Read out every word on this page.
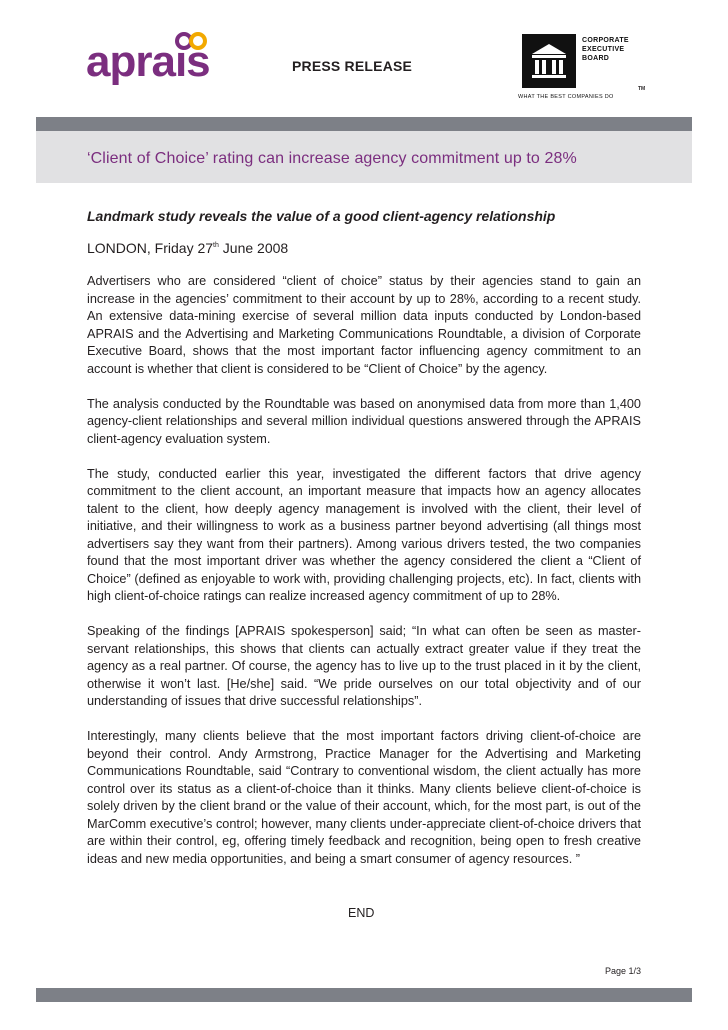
apraıs	PRESS RELEASE
CORPORATE
EXECUTIVE
BOARD
TM
WHAT THE BEST COMPANIES DO
‘Client of Choice’ rating can increase agency commitment up to 28%
Landmark study reveals the value of a good client-agency relationship
LONDON, Friday 27th June 2008

Advertisers who are considered “client of choice” status by their agencies stand to gain an increase in the agencies’ commitment to their account by up to 28%, according to a recent study. An extensive data-mining exercise of several million data inputs conducted by London-based APRAIS and the Advertising and Marketing Communications Roundtable, a division of Corporate Executive Board, shows that the most important factor influencing agency commitment to an account is whether that client is considered to be “Client of Choice” by the agency.

The analysis conducted by the Roundtable was based on anonymised data from more than 1,400 agency-client relationships and several million individual questions answered through the APRAIS client-agency evaluation system.

The study, conducted earlier this year, investigated the different factors that drive agency commitment to the client account, an important measure that impacts how an agency allocates talent to the client, how deeply agency management is involved with the client, their level of initiative, and their willingness to work as a business partner beyond advertising (all things most advertisers say they want from their partners). Among various drivers tested, the two companies found that the most important driver was whether the agency considered the client a “Client of Choice” (defined as enjoyable to work with, providing challenging projects, etc). In fact, clients with high client-of-choice ratings can realize increased agency commitment of up to 28%.

Speaking of the findings [APRAIS spokesperson] said; “In what can often be seen as master-servant relationships, this shows that clients can actually extract greater value if they treat the agency as a real partner. Of course, the agency has to live up to the trust placed in it by the client, otherwise it won’t last. [He/she] said. “We pride ourselves on our total objectivity and of our understanding of issues that drive successful relationships”.

Interestingly, many clients believe that the most important factors driving client-of-choice are beyond their control. Andy Armstrong, Practice Manager for the Advertising and Marketing Communications Roundtable, said “Contrary to conventional wisdom, the client actually has more control over its status as a client-of-choice than it thinks. Many clients believe client-of-choice is solely driven by the client brand or the value of their account, which, for the most part, is out of the MarComm executive’s control; however, many clients under-appreciate client-of-choice drivers that are within their control, eg, offering timely feedback and recognition, being open to fresh creative ideas and new media opportunities, and being a smart consumer of agency resources. ”

END
Page 1/3
